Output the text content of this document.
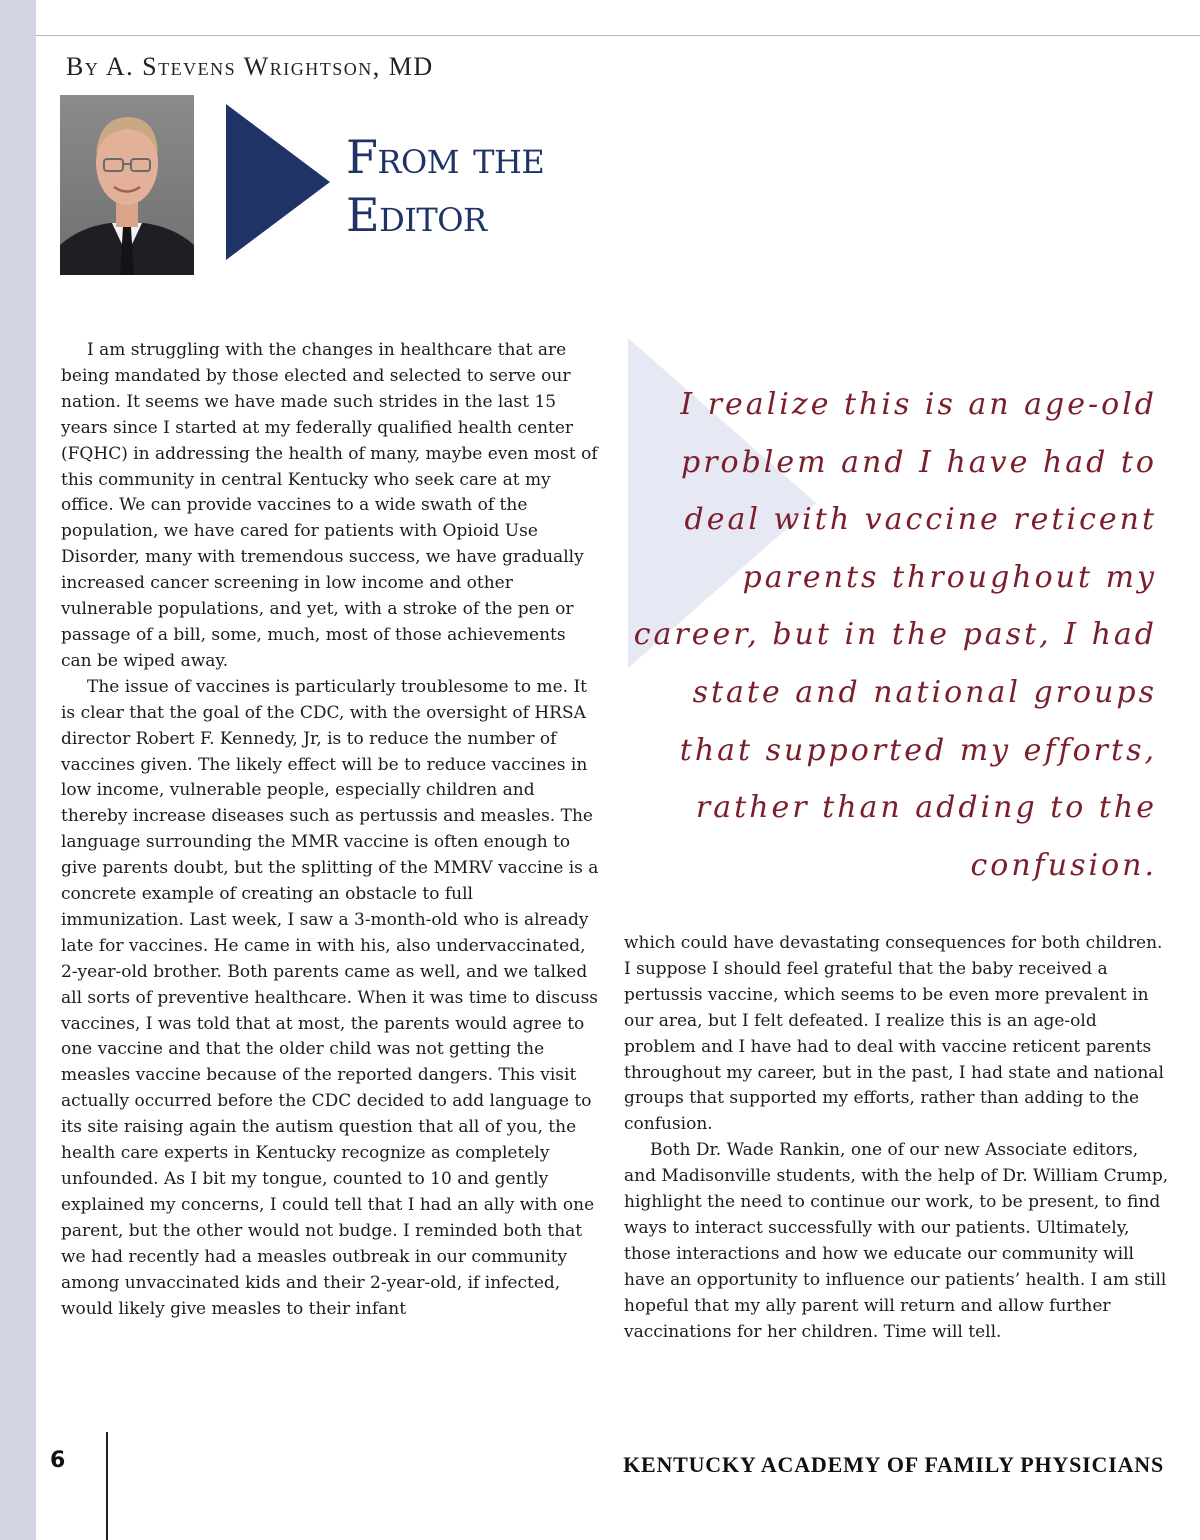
By A. Stevens Wrightson, MD
From the
Editor

I am struggling with the changes in healthcare that are being mandated by those elected and selected to serve our nation. It seems we have made such strides in the last 15 years since I started at my federally qualified health center (FQHC) in addressing the health of many, maybe even most of this community in central Kentucky who seek care at my office. We can provide vaccines to a wide swath of the population, we have cared for patients with Opioid Use Disorder, many with tremendous success, we have gradually increased cancer screening in low income and other vulnerable populations, and yet, with a stroke of the pen or passage of a bill, some, much, most of those achievements can be wiped away.

The issue of vaccines is particularly troublesome to me. It is clear that the goal of the CDC, with the oversight of HRSA director Robert F. Kennedy, Jr, is to reduce the number of vaccines given. The likely effect will be to reduce vaccines in low income, vulnerable people, especially children and thereby increase diseases such as pertussis and measles. The language surrounding the MMR vaccine is often enough to give parents doubt, but the splitting of the MMRV vaccine is a concrete example of creating an obstacle to full immunization. Last week, I saw a 3-month-old who is already late for vaccines. He came in with his, also undervaccinated, 2-year-old brother. Both parents came as well, and we talked all sorts of preventive healthcare. When it was time to discuss vaccines, I was told that at most, the parents would agree to one vaccine and that the older child was not getting the measles vaccine because of the reported dangers. This visit actually occurred before the CDC decided to add language to its site raising again the autism question that all of you, the health care experts in Kentucky recognize as completely unfounded. As I bit my tongue, counted to 10 and gently explained my concerns, I could tell that I had an ally with one parent, but the other would not budge. I reminded both that we had recently had a measles outbreak in our community among unvaccinated kids and their 2-year-old, if infected, would likely give measles to their infant

I realize this is an age-old problem and I have had to deal with vaccine reticent parents throughout my career, but in the past, I had state and national groups that supported my efforts, rather than adding to the confusion.

which could have devastating consequences for both children. I suppose I should feel grateful that the baby received a pertussis vaccine, which seems to be even more prevalent in our area, but I felt defeated. I realize this is an age-old problem and I have had to deal with vaccine reticent parents throughout my career, but in the past, I had state and national groups that supported my efforts, rather than adding to the confusion.

Both Dr. Wade Rankin, one of our new Associate editors, and Madisonville students, with the help of Dr. William Crump, highlight the need to continue our work, to be present, to find ways to interact successfully with our patients. Ultimately, those interactions and how we educate our community will have an opportunity to influence our patients’ health. I am still hopeful that my ally parent will return and allow further vaccinations for her children. Time will tell.

6	KENTUCKY ACADEMY OF FAMILY PHYSICIANS
